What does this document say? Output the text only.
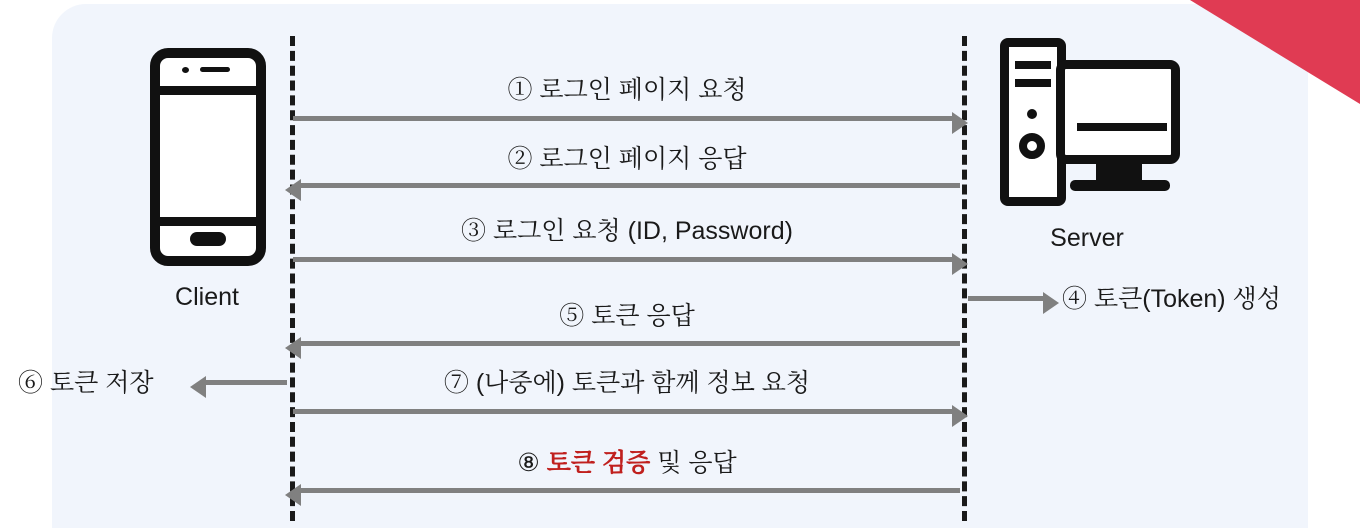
Client
Server
① 로그인 페이지 요청
② 로그인 페이지 응답
③ 로그인 요청 (ID, Password)
④ 토큰(Token) 생성
⑤ 토큰 응답
⑥ 토큰 저장	⑦ (나중에) 토큰과 함께 정보 요청
⑧ 토큰 검증 및 응답
